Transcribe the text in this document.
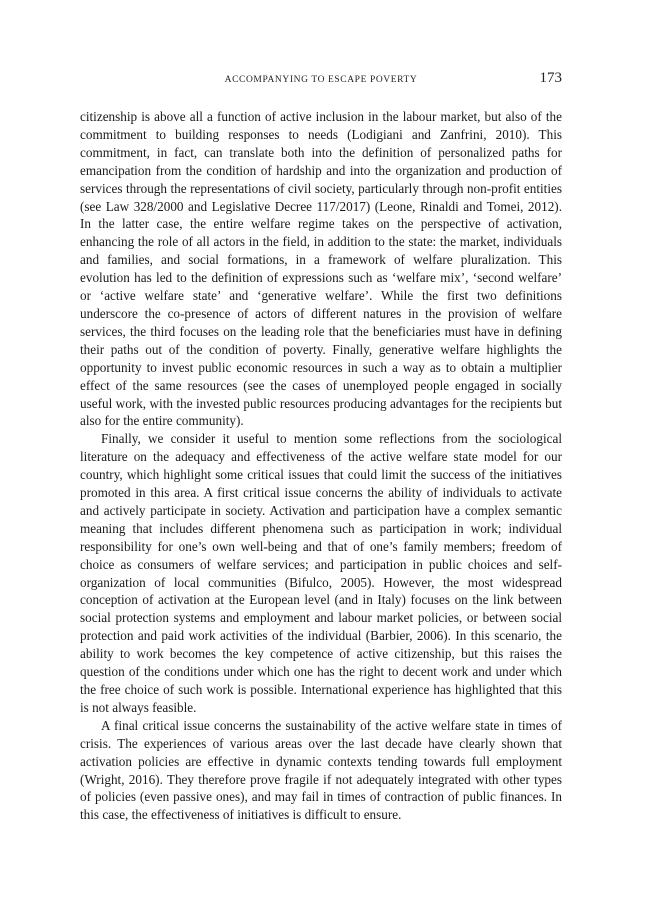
ACCOMPANYING TO ESCAPE POVERTY	173

citizenship is above all a function of active inclusion in the labour market, but also of the commitment to building responses to needs (Lodigiani and Zanfrini, 2010). This commitment, in fact, can translate both into the definition of personalized paths for emancipation from the condition of hardship and into the organization and production of services through the representations of civil society, particularly through non-profit entities (see Law 328/2000 and Legislative Decree 117/2017) (Leone, Rinaldi and Tomei, 2012). In the latter case, the entire welfare regime takes on the perspective of activation, enhancing the role of all actors in the field, in addition to the state: the market, individuals and families, and social formations, in a framework of welfare pluralization. This evolution has led to the definition of expressions such as ‘welfare mix’, ‘second welfare’ or ‘active welfare state’ and ‘generative welfare’. While the first two definitions underscore the co-presence of actors of different natures in the provision of welfare services, the third focuses on the leading role that the beneficiaries must have in defining their paths out of the condition of poverty. Finally, generative welfare highlights the opportunity to invest public economic resources in such a way as to obtain a multiplier effect of the same resources (see the cases of unemployed people engaged in socially useful work, with the invested public resources producing advantages for the recipients but also for the entire community).

Finally, we consider it useful to mention some reflections from the sociological literature on the adequacy and effectiveness of the active welfare state model for our country, which highlight some critical issues that could limit the success of the initiatives promoted in this area. A first critical issue concerns the ability of individuals to activate and actively participate in society. Activation and participation have a complex semantic meaning that includes different phenomena such as participation in work; individual responsibility for one’s own well-being and that of one’s family members; freedom of choice as consumers of welfare services; and participation in public choices and self-organization of local communities (Bifulco, 2005). However, the most widespread conception of activation at the European level (and in Italy) focuses on the link between social protection systems and employment and labour market policies, or between social protection and paid work activities of the individual (Barbier, 2006). In this scenario, the ability to work becomes the key competence of active citizenship, but this raises the question of the conditions under which one has the right to decent work and under which the free choice of such work is possible. International experience has highlighted that this is not always feasible.

A final critical issue concerns the sustainability of the active welfare state in times of crisis. The experiences of various areas over the last decade have clearly shown that activation policies are effective in dynamic contexts tending towards full employment (Wright, 2016). They therefore prove fragile if not adequately integrated with other types of policies (even passive ones), and may fail in times of contraction of public finances. In this case, the effectiveness of initiatives is difficult to ensure.
